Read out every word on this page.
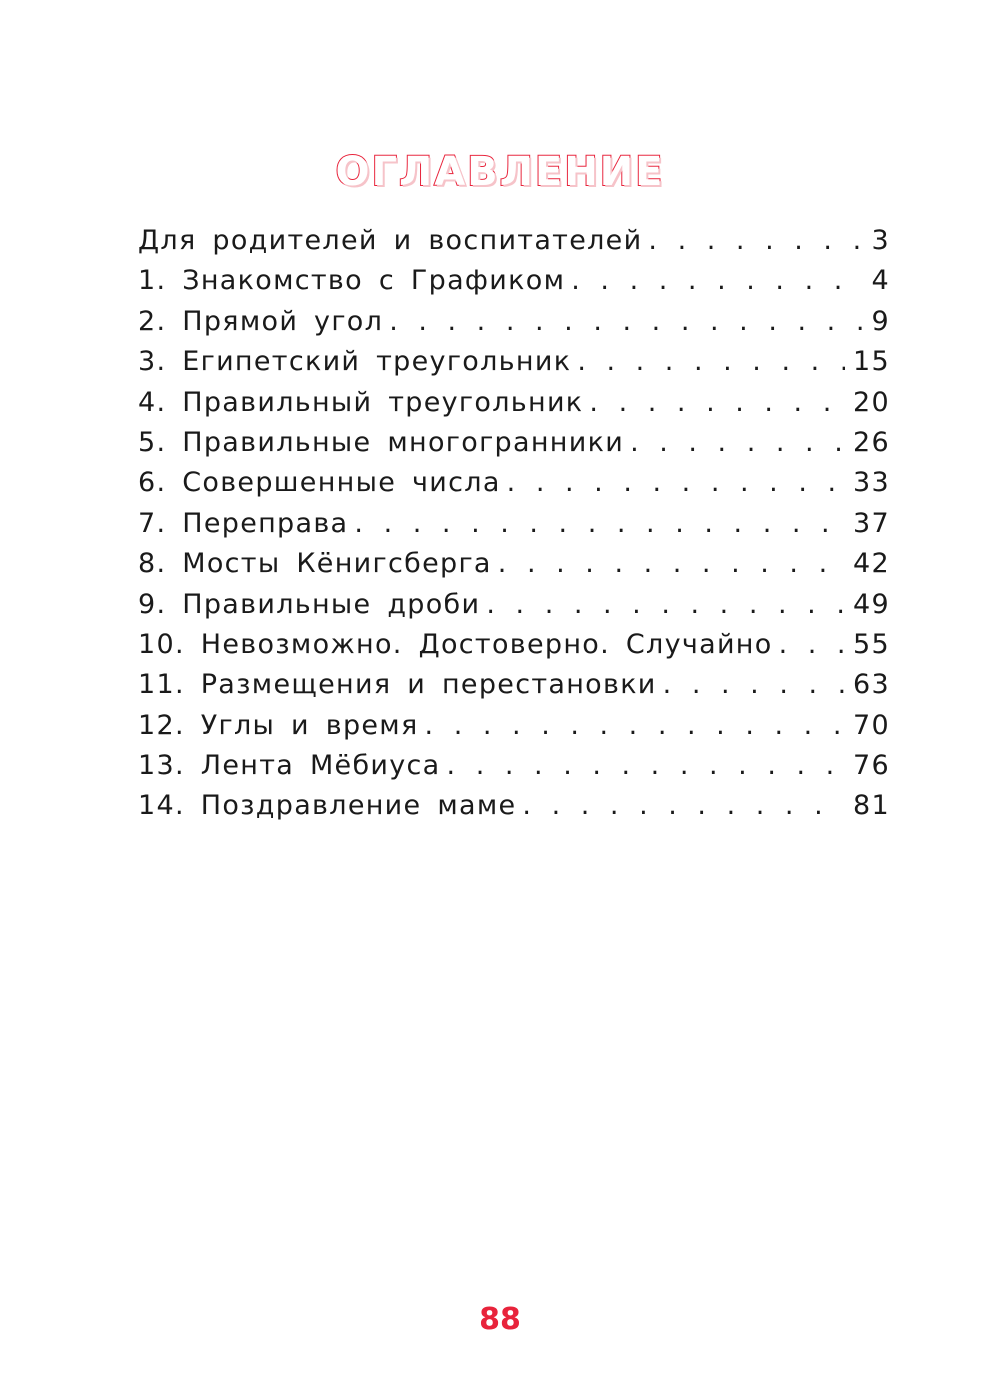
ОГЛАВЛЕНИЕ
Для родителей и воспитателей . . .	3
1. Знакомство с Графиком . . .	4
2. Прямой угол . . .	9
3. Египетский треугольник . . .	15
4. Правильный треугольник . . .	20
5. Правильные многогранники . . .	26
6. Совершенные числа . . .	33
7. Переправа . . .	37
8. Мосты Кёнигсберга . . .	42
9. Правильные дроби . . .	49
10. Невозможно. Достоверно. Случайно . . .	55
11. Размещения и перестановки . . .	63
12. Углы и время . . .	70
13. Лента Мёбиуса . . .	76
14. Поздравление маме . . .	81
88
